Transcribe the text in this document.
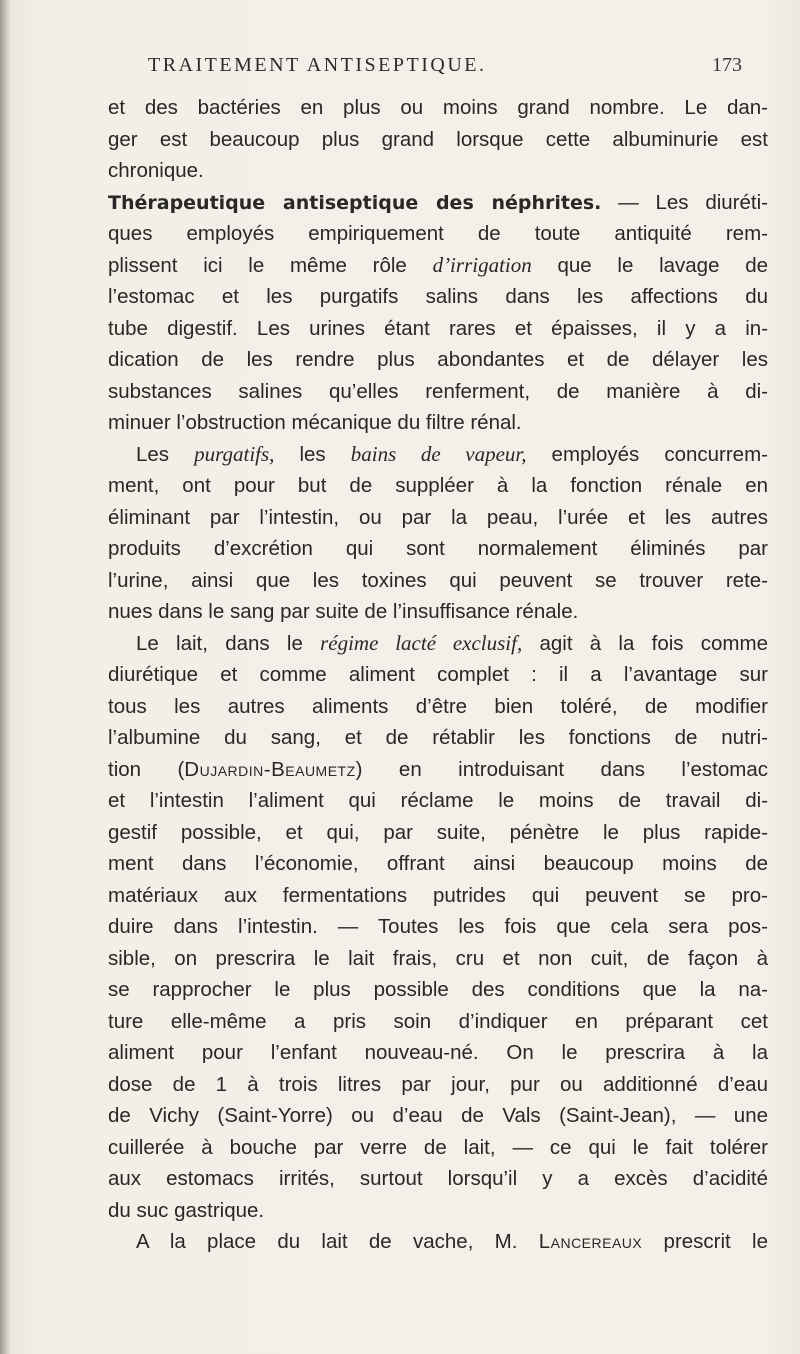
TRAITEMENT ANTISEPTIQUE.	173
et des bactéries en plus ou moins grand nombre. Le dan-
ger est beaucoup plus grand lorsque cette albuminurie est
chronique.
Thérapeutique antiseptique des néphrites. — Les diuréti-
ques employés empiriquement de toute antiquité rem-
plissent ici le même rôle d’irrigation que le lavage de
l’estomac et les purgatifs salins dans les affections du
tube digestif. Les urines étant rares et épaisses, il y a in-
dication de les rendre plus abondantes et de délayer les
substances salines qu’elles renferment, de manière à di-
minuer l’obstruction mécanique du filtre rénal.
Les purgatifs, les bains de vapeur, employés concurrem-
ment, ont pour but de suppléer à la fonction rénale en
éliminant par l’intestin, ou par la peau, l’urée et les autres
produits d’excrétion qui sont normalement éliminés par
l’urine, ainsi que les toxines qui peuvent se trouver rete-
nues dans le sang par suite de l’insuffisance rénale.
Le lait, dans le régime lacté exclusif, agit à la fois comme
diurétique et comme aliment complet : il a l’avantage sur
tous les autres aliments d’être bien toléré, de modifier
l’albumine du sang, et de rétablir les fonctions de nutri-
tion (Dujardin-Beaumetz) en introduisant dans l’estomac
et l’intestin l’aliment qui réclame le moins de travail di-
gestif possible, et qui, par suite, pénètre le plus rapide-
ment dans l’économie, offrant ainsi beaucoup moins de
matériaux aux fermentations putrides qui peuvent se pro-
duire dans l’intestin. — Toutes les fois que cela sera pos-
sible, on prescrira le lait frais, cru et non cuit, de façon à
se rapprocher le plus possible des conditions que la na-
ture elle-même a pris soin d’indiquer en préparant cet
aliment pour l’enfant nouveau-né. On le prescrira à la
dose de 1 à trois litres par jour, pur ou additionné d’eau
de Vichy (Saint-Yorre) ou d’eau de Vals (Saint-Jean), — une
cuillerée à bouche par verre de lait, — ce qui le fait tolérer
aux estomacs irrités, surtout lorsqu’il y a excès d’acidité
du suc gastrique.
A la place du lait de vache, M. Lancereaux prescrit le
